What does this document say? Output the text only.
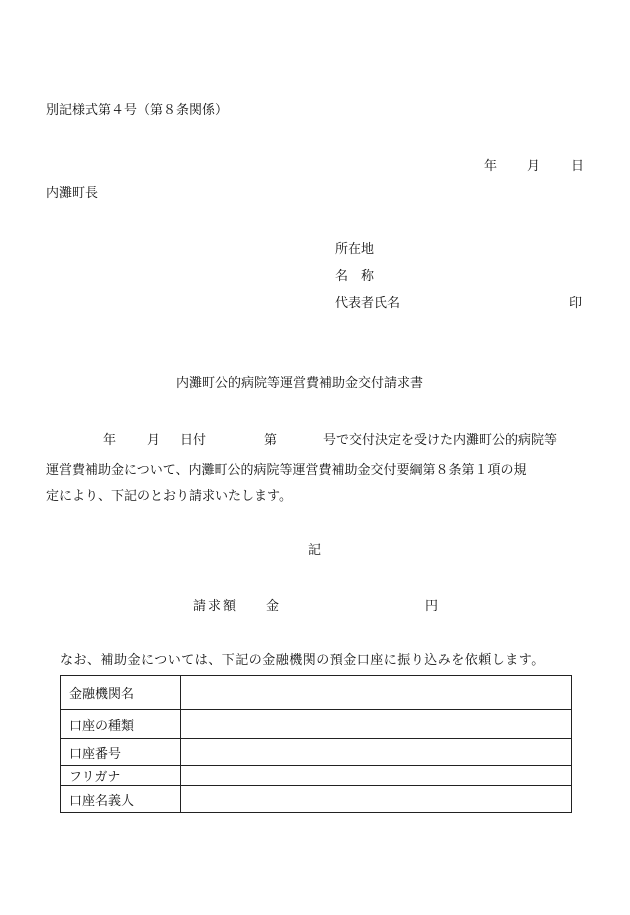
別記様式第４号（第８条関係）
年 月 日
内灘町長
所在地
名　称
代表者氏名	印
内灘町公的病院等運営費補助金交付請求書
年 月 日付	第	号で交付決定を受けた内灘町公的病院等
運営費補助金について、内灘町公的病院等運営費補助金交付要綱第８条第１項の規
定により、下記のとおり請求いたします。
記
請求額 金	円
なお、補助金については、下記の金融機関の預金口座に振り込みを依頼します。
金融機関名	
口座の種類	
口座番号	
フリガナ	
口座名義人	
